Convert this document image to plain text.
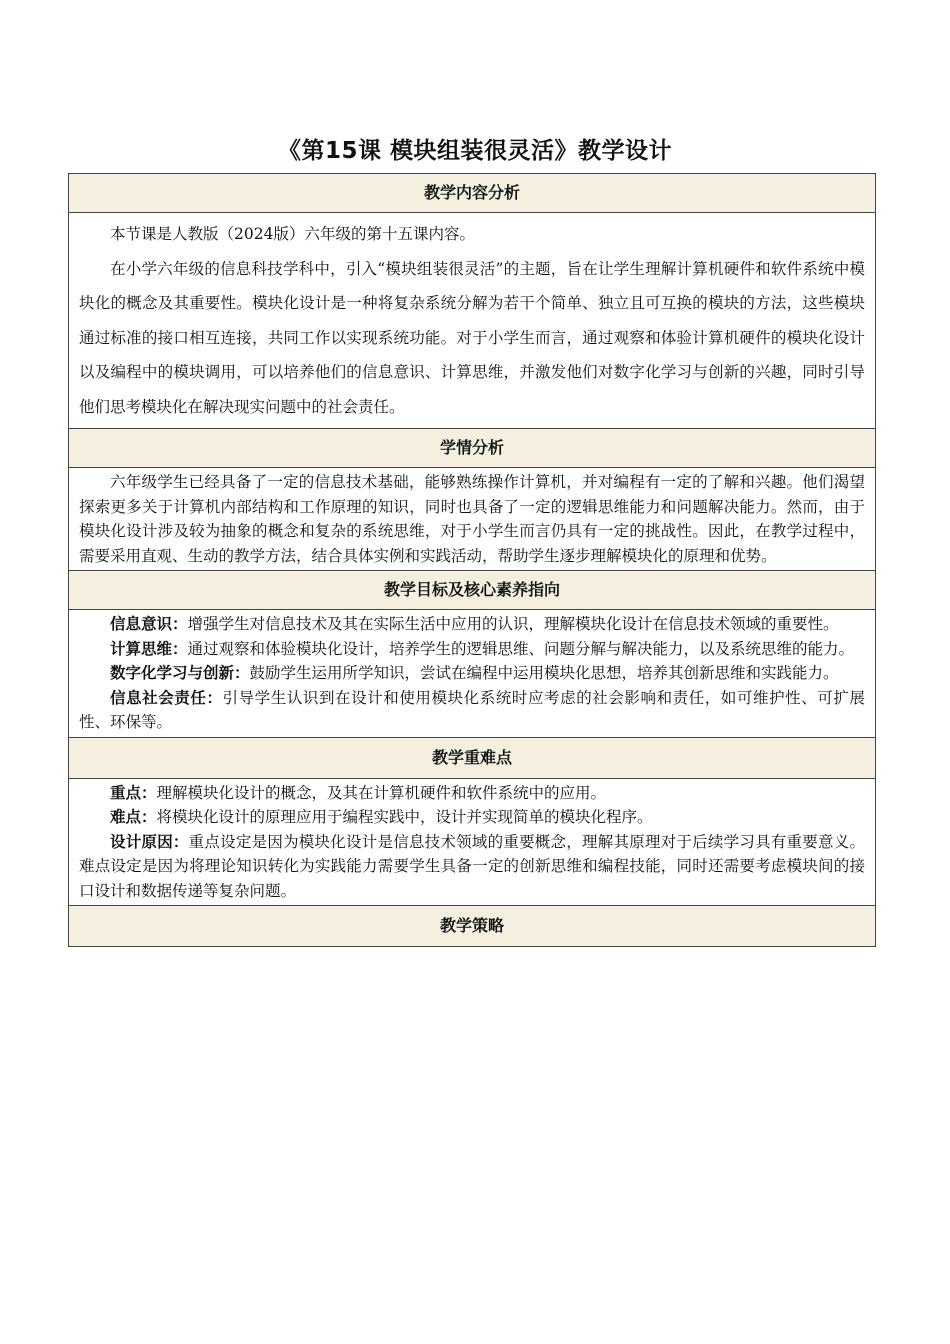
《第15课 模块组装很灵活》教学设计
教学内容分析

本节课是人教版（2024版）六年级的第十五课内容。

在小学六年级的信息科技学科中，引入“模块组装很灵活”的主题，旨在让学生理解计算机硬件和软件系统中模块化的概念及其重要性。模块化设计是一种将复杂系统分解为若干个简单、独立且可互换的模块的方法，这些模块通过标准的接口相互连接，共同工作以实现系统功能。对于小学生而言，通过观察和体验计算机硬件的模块化设计以及编程中的模块调用，可以培养他们的信息意识、计算思维，并激发他们对数字化学习与创新的兴趣，同时引导他们思考模块化在解决现实问题中的社会责任。

学情分析

六年级学生已经具备了一定的信息技术基础，能够熟练操作计算机，并对编程有一定的了解和兴趣。他们渴望探索更多关于计算机内部结构和工作原理的知识，同时也具备了一定的逻辑思维能力和问题解决能力。然而，由于模块化设计涉及较为抽象的概念和复杂的系统思维，对于小学生而言仍具有一定的挑战性。因此，在教学过程中，需要采用直观、生动的教学方法，结合具体实例和实践活动，帮助学生逐步理解模块化的原理和优势。

教学目标及核心素养指向

信息意识：增强学生对信息技术及其在实际生活中应用的认识，理解模块化设计在信息技术领域的重要性。

计算思维：通过观察和体验模块化设计，培养学生的逻辑思维、问题分解与解决能力，以及系统思维的能力。

数字化学习与创新：鼓励学生运用所学知识，尝试在编程中运用模块化思想，培养其创新思维和实践能力。

信息社会责任：引导学生认识到在设计和使用模块化系统时应考虑的社会影响和责任，如可维护性、可扩展性、环保等。

教学重难点

重点：理解模块化设计的概念，及其在计算机硬件和软件系统中的应用。

难点：将模块化设计的原理应用于编程实践中，设计并实现简单的模块化程序。

设计原因：重点设定是因为模块化设计是信息技术领域的重要概念，理解其原理对于后续学习具有重要意义。难点设定是因为将理论知识转化为实践能力需要学生具备一定的创新思维和编程技能，同时还需要考虑模块间的接口设计和数据传递等复杂问题。

教学策略
